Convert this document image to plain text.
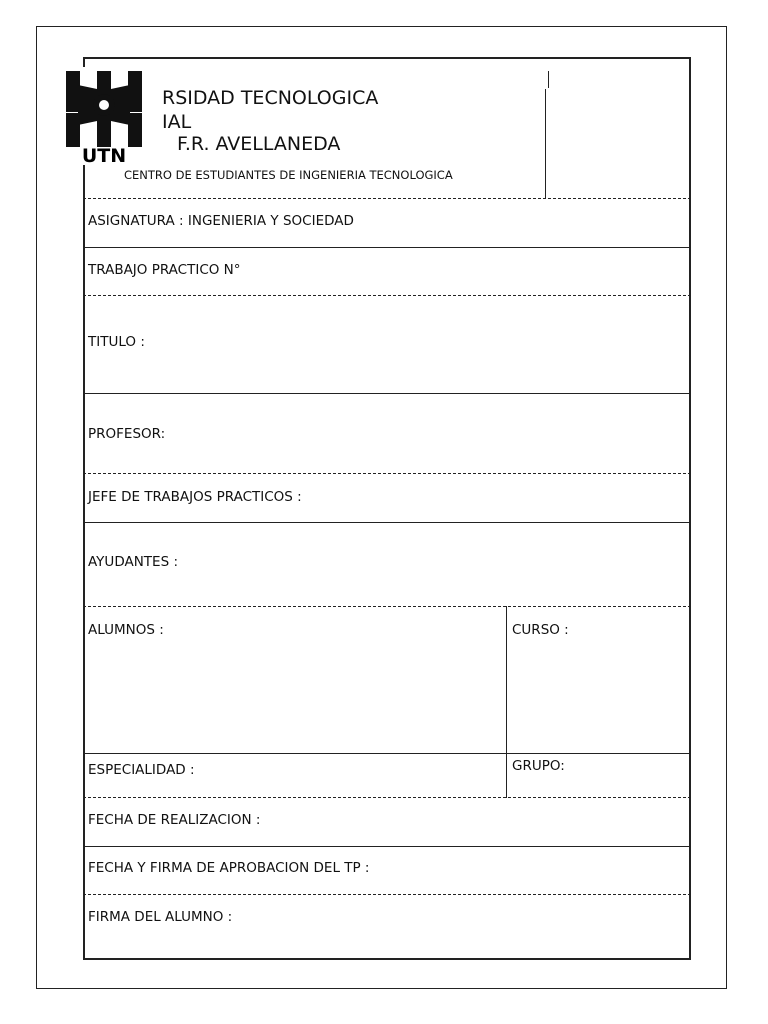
UTN
RSIDAD TECNOLOGICA
IAL
F.R. AVELLANEDA
CENTRO DE ESTUDIANTES DE INGENIERIA TECNOLOGICA
ASIGNATURA : INGENIERIA Y SOCIEDAD
TRABAJO PRACTICO N°
TITULO :
PROFESOR:
JEFE DE TRABAJOS PRACTICOS :
AYUDANTES :
ALUMNOS :	CURSO :
ESPECIALIDAD :	GRUPO:
FECHA DE REALIZACION :
FECHA Y FIRMA DE APROBACION DEL TP :
FIRMA DEL ALUMNO :
